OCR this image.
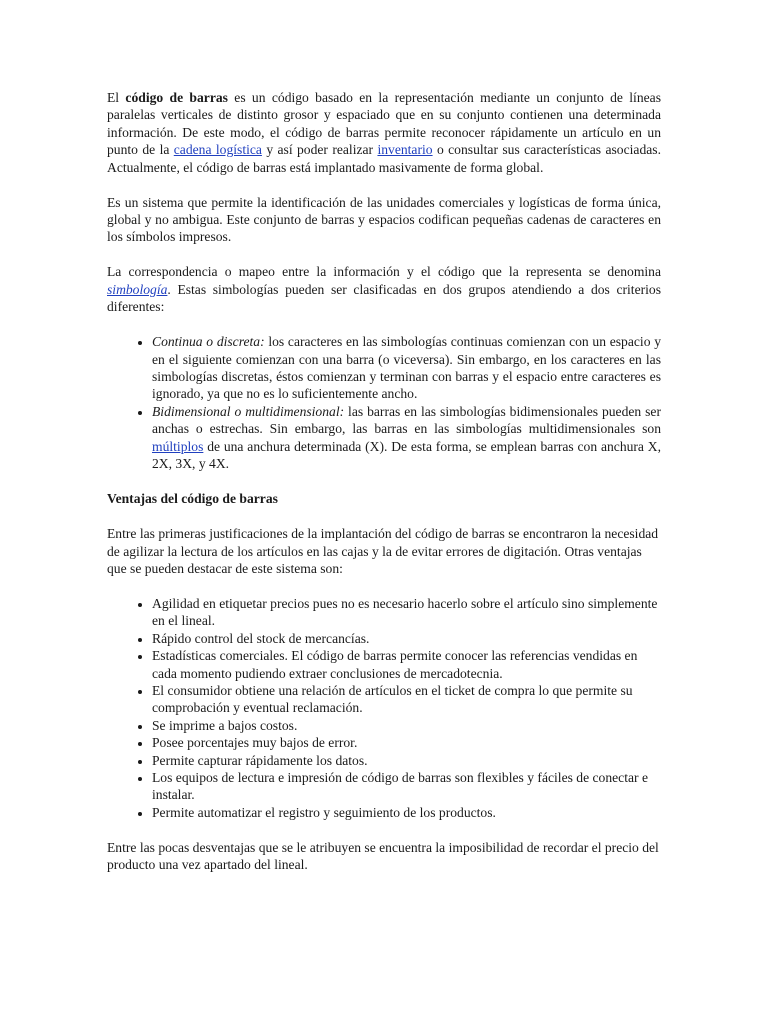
El código de barras es un código basado en la representación mediante un conjunto de líneas paralelas verticales de distinto grosor y espaciado que en su conjunto contienen una determinada información. De este modo, el código de barras permite reconocer rápidamente un artículo en un punto de la cadena logística y así poder realizar inventario o consultar sus características asociadas. Actualmente, el código de barras está implantado masivamente de forma global.

Es un sistema que permite la identificación de las unidades comerciales y logísticas de forma única, global y no ambigua. Este conjunto de barras y espacios codifican pequeñas cadenas de caracteres en los símbolos impresos.

La correspondencia o mapeo entre la información y el código que la representa se denomina simbología. Estas simbologías pueden ser clasificadas en dos grupos atendiendo a dos criterios diferentes:

• Continua o discreta: los caracteres en las simbologías continuas comienzan con un espacio y en el siguiente comienzan con una barra (o viceversa). Sin embargo, en los caracteres en las simbologías discretas, éstos comienzan y terminan con barras y el espacio entre caracteres es ignorado, ya que no es lo suficientemente ancho.
• Bidimensional o multidimensional: las barras en las simbologías bidimensionales pueden ser anchas o estrechas. Sin embargo, las barras en las simbologías multidimensionales son múltiplos de una anchura determinada (X). De esta forma, se emplean barras con anchura X, 2X, 3X, y 4X.
Ventajas del código de barras

Entre las primeras justificaciones de la implantación del código de barras se encontraron la necesidad de agilizar la lectura de los artículos en las cajas y la de evitar errores de digitación. Otras ventajas que se pueden destacar de este sistema son:

• Agilidad en etiquetar precios pues no es necesario hacerlo sobre el artículo sino simplemente en el lineal.
• Rápido control del stock de mercancías.
• Estadísticas comerciales. El código de barras permite conocer las referencias vendidas en cada momento pudiendo extraer conclusiones de mercadotecnia.
• El consumidor obtiene una relación de artículos en el ticket de compra lo que permite su comprobación y eventual reclamación.
• Se imprime a bajos costos.
• Posee porcentajes muy bajos de error.
• Permite capturar rápidamente los datos.
• Los equipos de lectura e impresión de código de barras son flexibles y fáciles de conectar e instalar.
• Permite automatizar el registro y seguimiento de los productos.

Entre las pocas desventajas que se le atribuyen se encuentra la imposibilidad de recordar el precio del producto una vez apartado del lineal.
